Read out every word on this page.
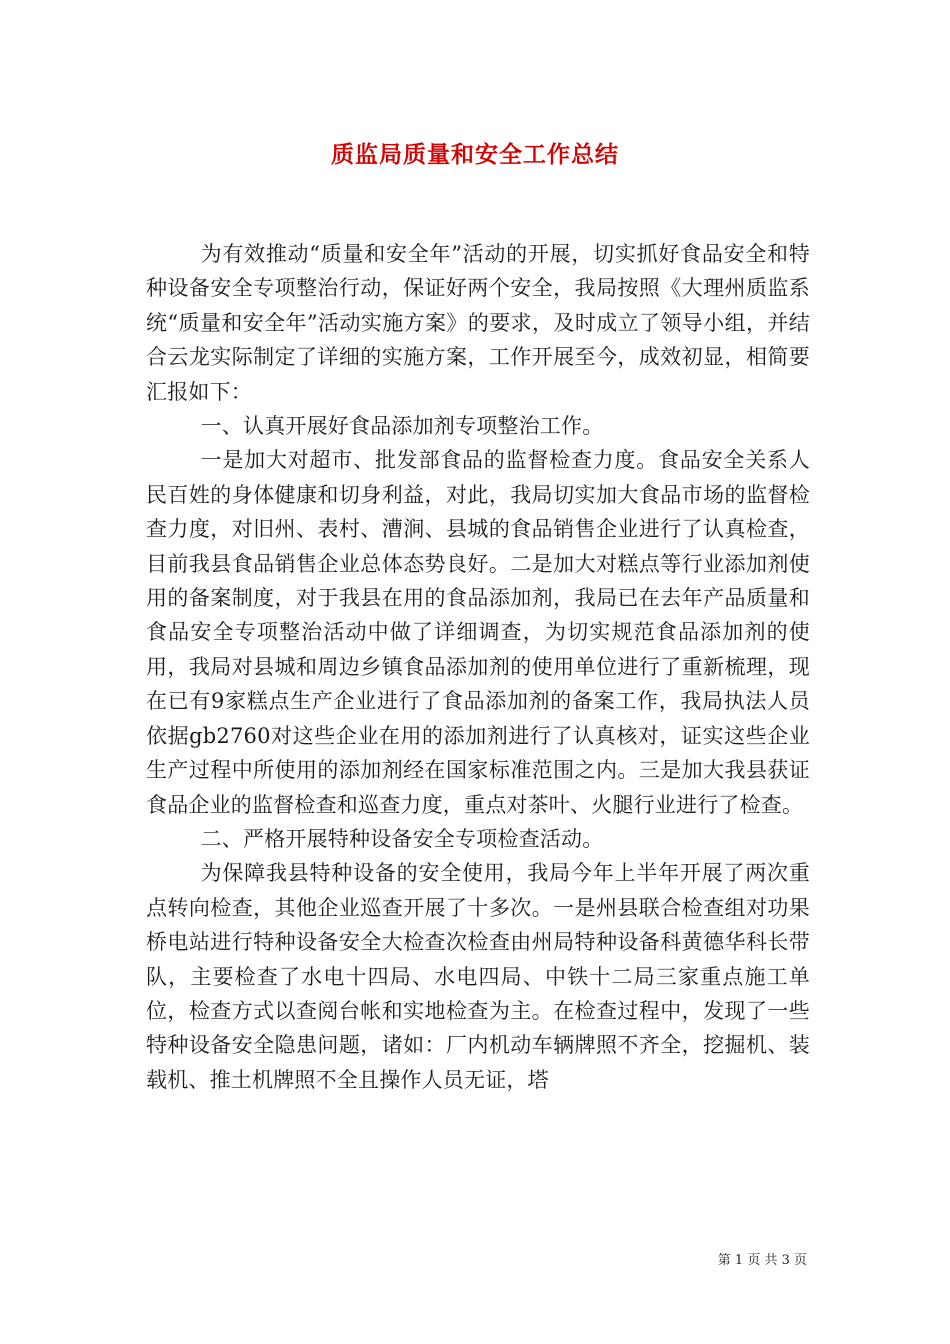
质监局质量和安全工作总结

为有效推动“质量和安全年”活动的开展，切实抓好食品安全和特种设备安全专项整治行动，保证好两个安全，我局按照《大理州质监系统“质量和安全年”活动实施方案》的要求，及时成立了领导小组，并结合云龙实际制定了详细的实施方案，工作开展至今，成效初显，相简要汇报如下：

一、认真开展好食品添加剂专项整治工作。

一是加大对超市、批发部食品的监督检查力度。食品安全关系人民百姓的身体健康和切身利益，对此，我局切实加大食品市场的监督检查力度，对旧州、表村、漕涧、县城的食品销售企业进行了认真检查，目前我县食品销售企业总体态势良好。二是加大对糕点等行业添加剂使用的备案制度，对于我县在用的食品添加剂，我局已在去年产品质量和食品安全专项整治活动中做了详细调查，为切实规范食品添加剂的使用，我局对县城和周边乡镇食品添加剂的使用单位进行了重新梳理，现在已有9家糕点生产企业进行了食品添加剂的备案工作，我局执法人员依据gb2760对这些企业在用的添加剂进行了认真核对，证实这些企业生产过程中所使用的添加剂经在国家标准范围之内。三是加大我县获证食品企业的监督检查和巡查力度，重点对茶叶、火腿行业进行了检查。

二、严格开展特种设备安全专项检查活动。

为保障我县特种设备的安全使用，我局今年上半年开展了两次重点转向检查，其他企业巡查开展了十多次。一是州县联合检查组对功果桥电站进行特种设备安全大检查次检查由州局特种设备科黄德华科长带队，主要检查了水电十四局、水电四局、中铁十二局三家重点施工单位，检查方式以查阅台帐和实地检查为主。在检查过程中，发现了一些特种设备安全隐患问题，诸如：厂内机动车辆牌照不齐全，挖掘机、装载机、推土机牌照不全且操作人员无证，塔

第 1 页 共 3 页
